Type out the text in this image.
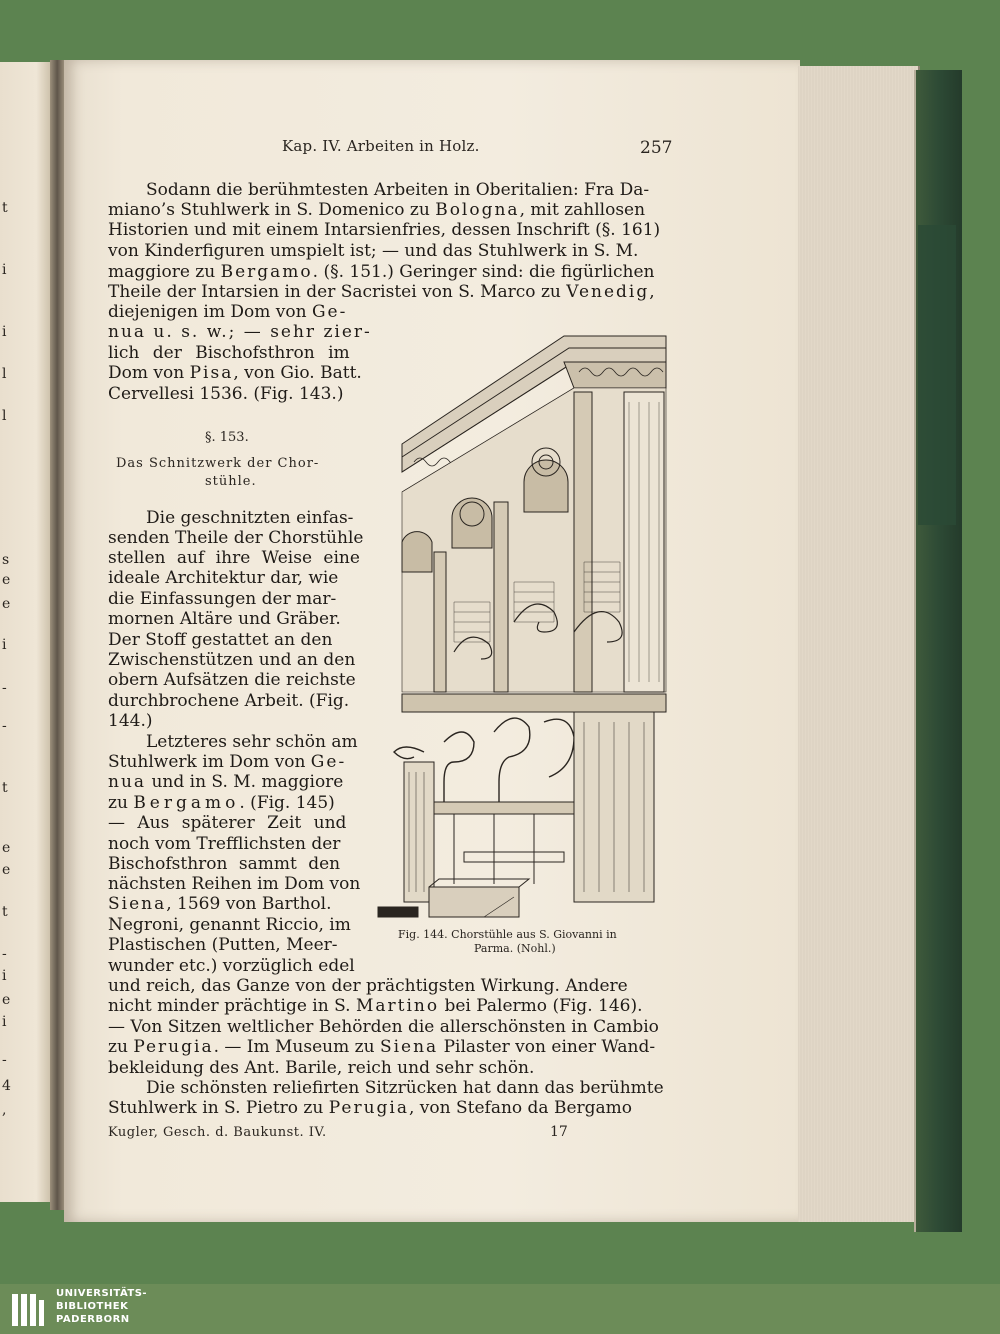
t
i
i
l
l
s
e
e
i
-
-
t
e
e
t
-
i
e
i
-
4
,
Kap. IV. Arbeiten in Holz.	257
Sodann die berühmtesten Arbeiten in Oberitalien: Fra Da-
miano’s Stuhlwerk in S. Domenico zu Bologna, mit zahllosen
Historien und mit einem Intarsienfries, dessen Inschrift (§. 161)
von Kinderfiguren umspielt ist; — und das Stuhlwerk in S. M.
maggiore zu Bergamo. (§. 151.) Geringer sind: die figürlichen
Theile der Intarsien in der Sacristei von S. Marco zu Venedig,
diejenigen im Dom von Ge-
nua u. s. w.; — sehr zier-
lich der Bischofsthron im
Dom von Pisa, von Gio. Batt.
Cervellesi 1536. (Fig. 143.)
§. 153.
Das Schnitzwerk der Chor-
stühle.
Die geschnitzten einfas-
senden Theile der Chorstühle
stellen auf ihre Weise eine
ideale Architektur dar, wie
die Einfassungen der mar-
mornen Altäre und Gräber.
Der Stoff gestattet an den
Zwischenstützen und an den
obern Aufsätzen die reichste
durchbrochene Arbeit. (Fig.
144.)
Letzteres sehr schön am
Stuhlwerk im Dom von Ge-
nua und in S. M. maggiore
zu Bergamo. (Fig. 145)
— Aus späterer Zeit und
noch vom Trefflichsten der
Bischofsthron sammt den
nächsten Reihen im Dom von
Siena, 1569 von Barthol.
Negroni, genannt Riccio, im
Plastischen (Putten, Meer-
wunder etc.) vorzüglich edel
und reich, das Ganze von der prächtigsten Wirkung. Andere
nicht minder prächtige in S. Martino bei Palermo (Fig. 146).
— Von Sitzen weltlicher Behörden die allerschönsten in Cambio
zu Perugia. — Im Museum zu Siena Pilaster von einer Wand-
bekleidung des Ant. Barile, reich und sehr schön.
Die schönsten reliefirten Sitzrücken hat dann das berühmte
Stuhlwerk in S. Pietro zu Perugia, von Stefano da Bergamo
Fig. 144. Chorstühle aus S. Giovanni in
Parma. (Nohl.)
Kugler, Gesch. d. Baukunst. IV.	17
UNIVERSITÄTS-
BIBLIOTHEK
PADERBORN
